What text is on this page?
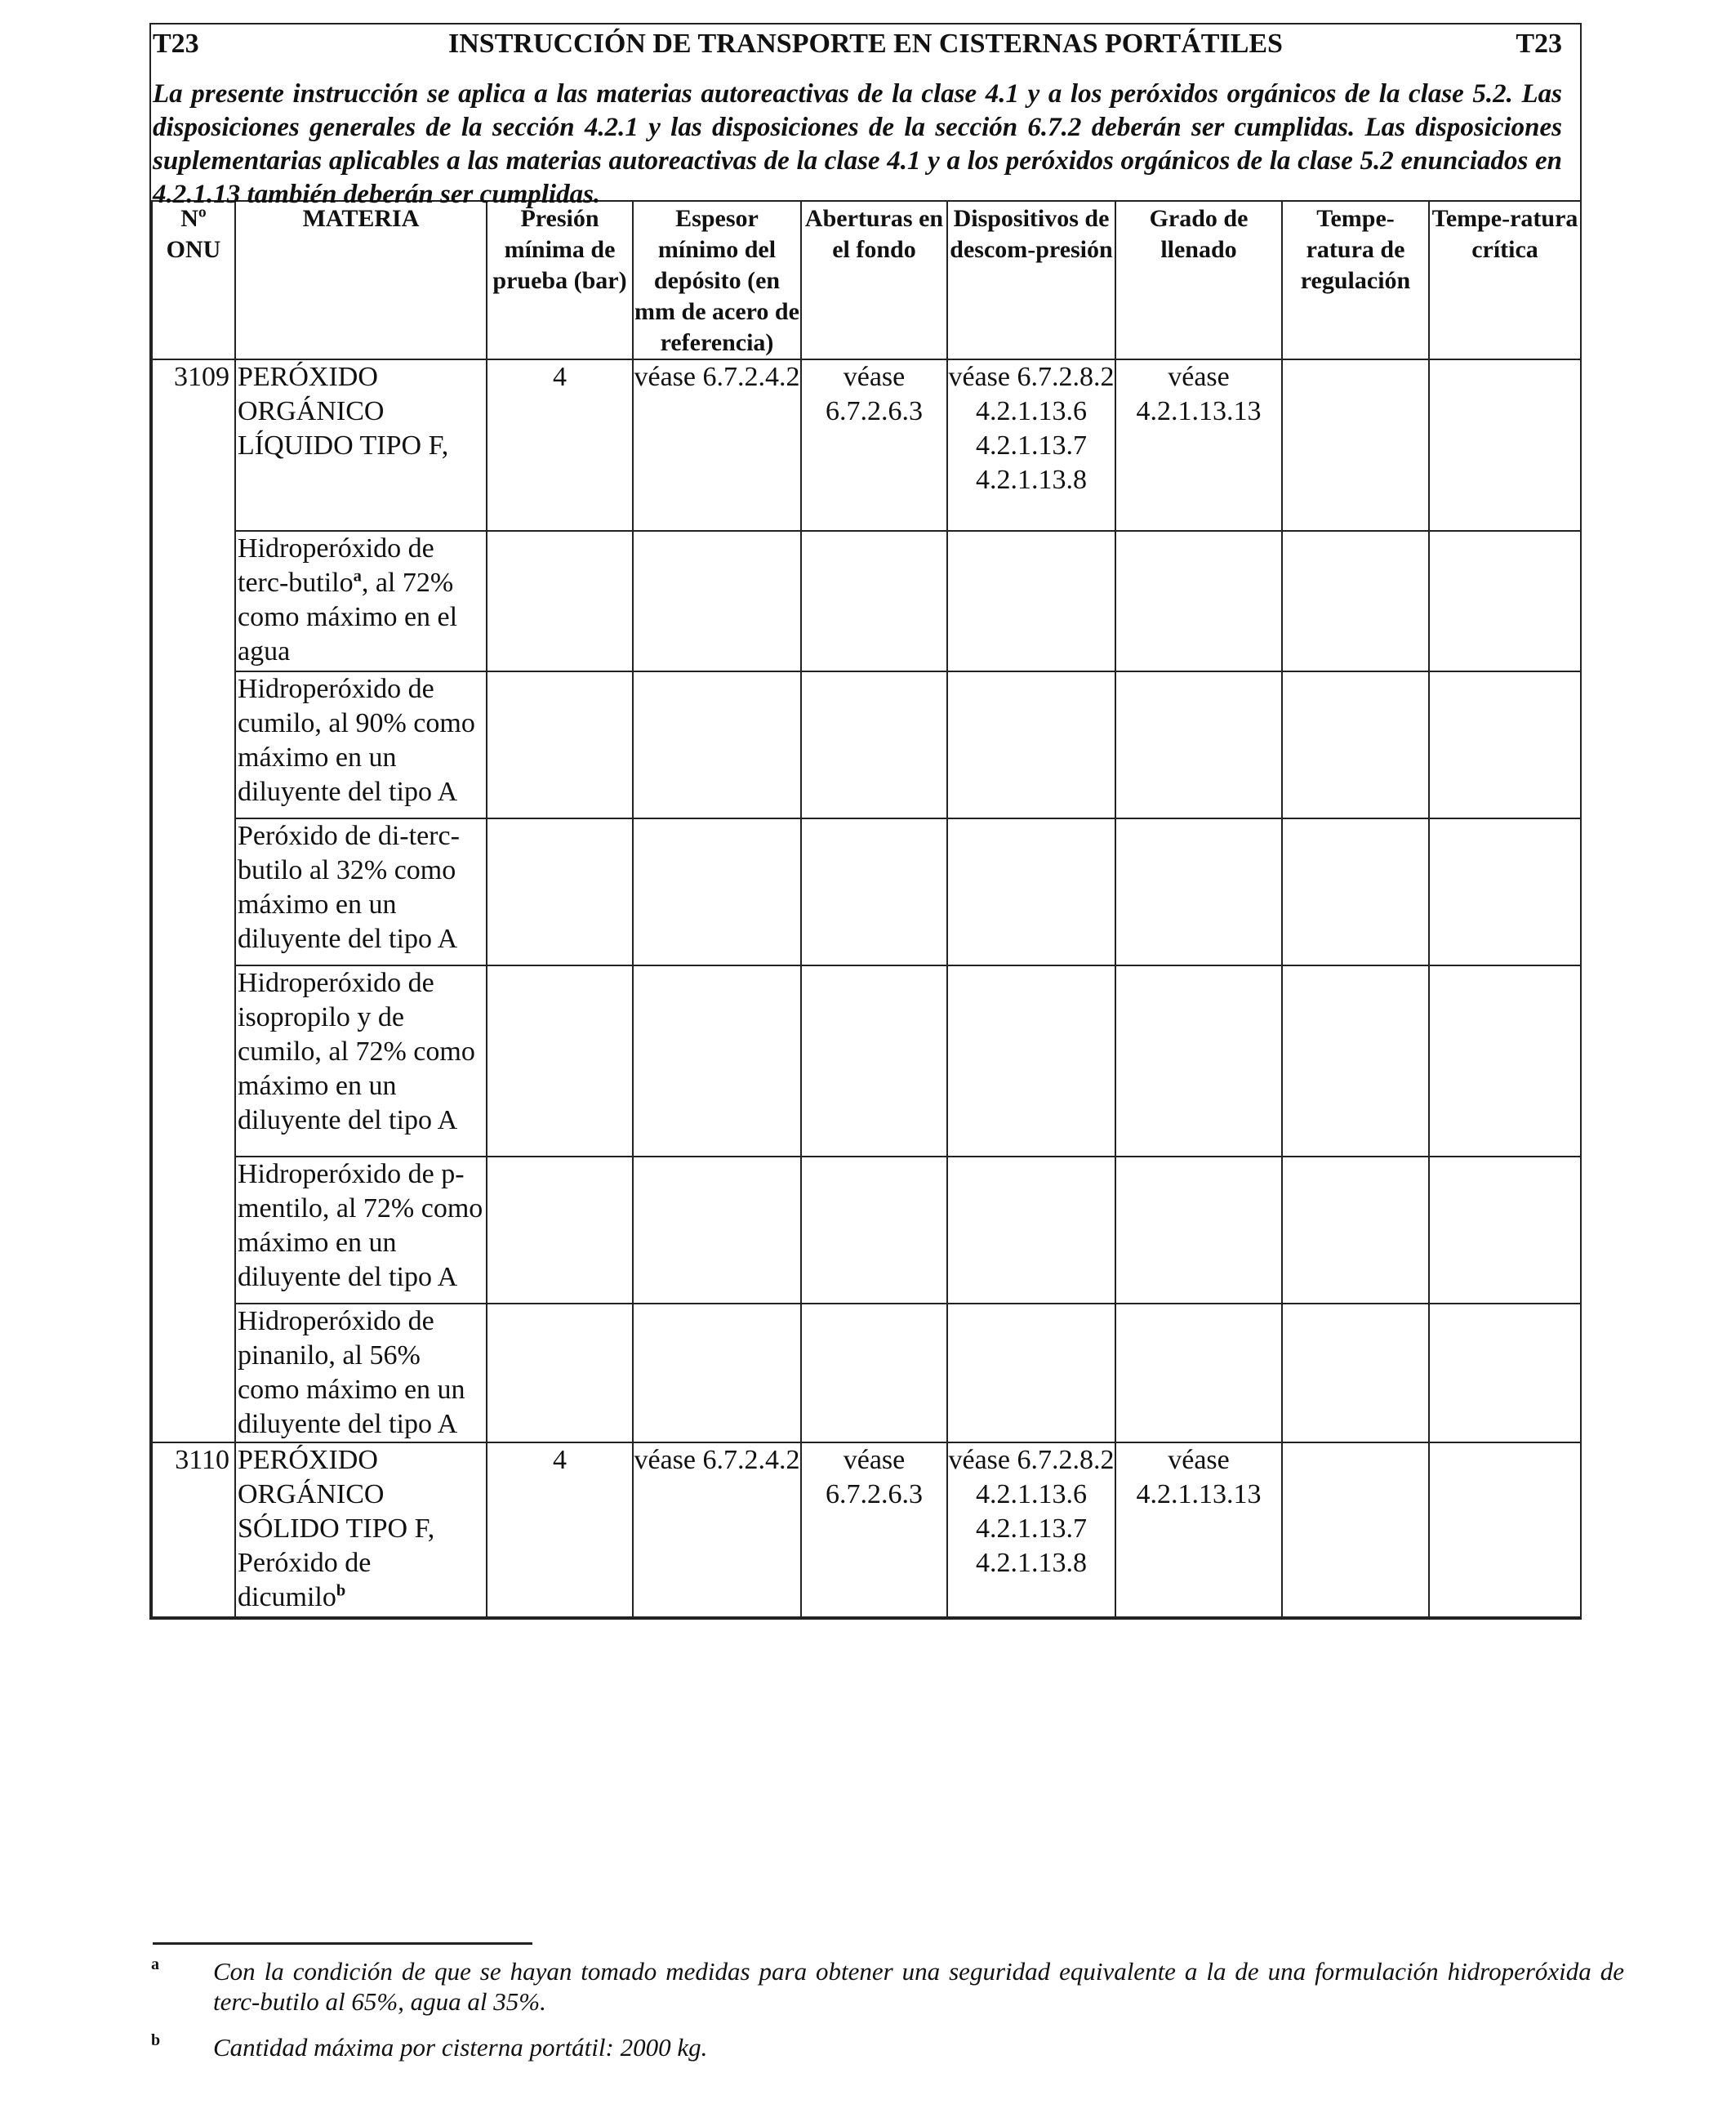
T23	INSTRUCCIÓN DE TRANSPORTE EN CISTERNAS PORTÁTILES	T23
La presente instrucción se aplica a las materias autoreactivas de la clase 4.1 y a los peróxidos orgánicos de la clase 5.2. Las disposiciones generales de la sección 4.2.1 y las disposiciones de la sección 6.7.2 deberán ser cumplidas. Las disposiciones suplementarias aplicables a las materias autoreactivas de la clase 4.1 y a los peróxidos orgánicos de la clase 5.2 enunciados en 4.2.1.13 también deberán ser cumplidas.
Nº ONU	MATERIA	Presión mínima de prueba (bar)	Espesor mínimo del depósito (en mm de acero de referencia)	Aberturas en el fondo	Dispositivos de descom-presión	Grado de llenado	Tempe-ratura de regulación	Tempe-ratura crítica
3109	PERÓXIDO ORGÁNICO LÍQUIDO TIPO F,	4	véase 6.7.2.4.2	véase 6.7.2.6.3	véase 6.7.2.8.2 4.2.1.13.6 4.2.1.13.7 4.2.1.13.8	véase 4.2.1.13.13		
	Hidroperóxido de terc-butilo$^a$, al 72% como máximo en el agua							
	Hidroperóxido de cumilo, al 90% como máximo en un diluyente del tipo A							
	Peróxido de di-terc-butilo al 32% como máximo en un diluyente del tipo A							
	Hidroperóxido de isopropilo y de cumilo, al 72% como máximo en un diluyente del tipo A							
	Hidroperóxido de p-mentilo, al 72% como máximo en un diluyente del tipo A							
	Hidroperóxido de pinanilo, al 56% como máximo en un diluyente del tipo A							
3110	PERÓXIDO ORGÁNICO SÓLIDO TIPO F, Peróxido de dicumilo$^b$	4	véase 6.7.2.4.2	véase 6.7.2.6.3	véase 6.7.2.8.2 4.2.1.13.6 4.2.1.13.7 4.2.1.13.8	véase 4.2.1.13.13		
a Con la condición de que se hayan tomado medidas para obtener una seguridad equivalente a la de una formulación hidroperóxida de terc-butilo al 65%, agua al 35%.
b Cantidad máxima por cisterna portátil: 2000 kg.
